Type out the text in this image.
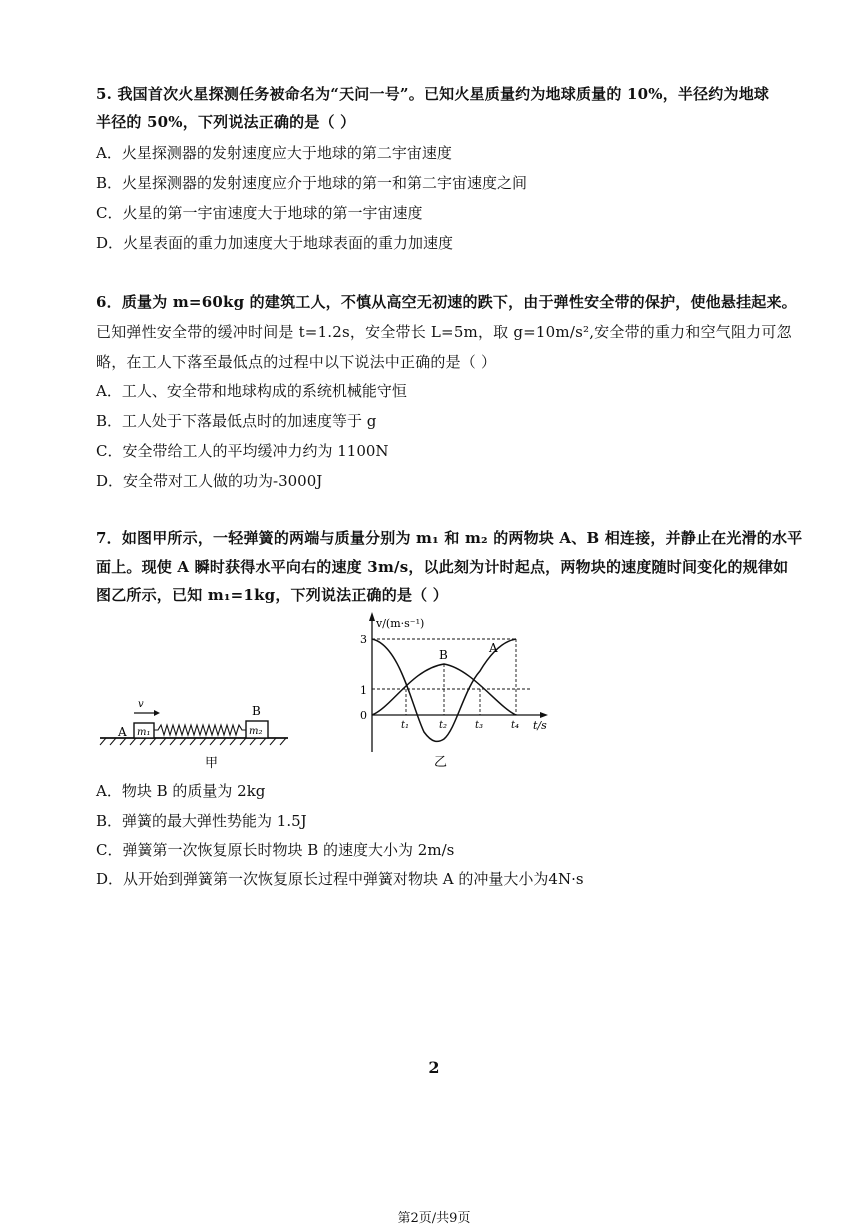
5. 我国首次火星探测任务被命名为“天问一号”。已知火星质量约为地球质量的 10%，半径约为地球
半径的 50%，下列说法正确的是（ ）
A．火星探测器的发射速度应大于地球的第二宇宙速度
B．火星探测器的发射速度应介于地球的第一和第二宇宙速度之间
C．火星的第一宇宙速度大于地球的第一宇宙速度
D．火星表面的重力加速度大于地球表面的重力加速度
6．质量为 m=60kg 的建筑工人，不慎从高空无初速的跌下，由于弹性安全带的保护，使他悬挂起来。
已知弹性安全带的缓冲时间是 t=1.2s，安全带长 L=5m，取 g=10m/s²,安全带的重力和空气阻力可忽
略，在工人下落至最低点的过程中以下说法中正确的是（ ）
A．工人、安全带和地球构成的系统机械能守恒
B．工人处于下落最低点时的加速度等于 g
C．安全带给工人的平均缓冲力约为 1100N
D．安全带对工人做的功为-3000J
7．如图甲所示，一轻弹簧的两端与质量分别为 m₁ 和 m₂ 的两物块 A、B 相连接，并静止在光滑的水平
面上。现使 A 瞬时获得水平向右的速度 3m/s，以此刻为计时起点，两物块的速度随时间变化的规律如
图乙所示，已知 m₁=1kg，下列说法正确的是（ ）
m₁
A
v
m₂
B
甲
v/(m·s⁻¹)
t/s
3
1
0
t₁	t₂	t₃	t₄
A
B
乙
A．物块 B 的质量为 2kg
B．弹簧的最大弹性势能为 1.5J
C．弹簧第一次恢复原长时物块 B 的速度大小为 2m/s
D．从开始到弹簧第一次恢复原长过程中弹簧对物块 A 的冲量大小为4N·s
2
第2页/共9页
